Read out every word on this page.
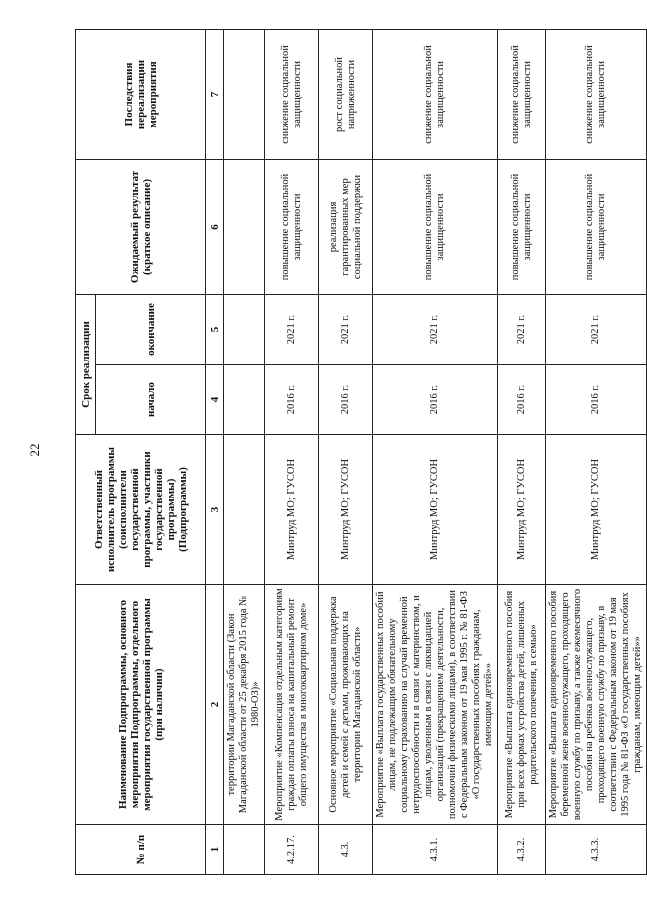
22
№ п/п	Наименование Подпрограммы, основного мероприятия Подпрограммы, отдельного мероприятия государственной программы (при наличии)	Ответственный исполнитель программы (соисполнители государственной программы, участники государственной программы) (Подпрограммы)	Срок реализации		Ожидаемый результат (краткое описание)	Последствия нереализации мероприятия
			начало	окончание		
1	2	3	4	5	6	7
	территории Магаданской области (Закон Магаданской области от 25 декабря 2015 года № 1980-ОЗ)»					
4.2.17.	Мероприятие «Компенсация отдельным категориям граждан оплаты взноса на капитальный ремонт общего имущества в многоквартирном доме»	Минтруд МО; ГУСОН	2016 г.	2021 г.	повышение социальной защищенности	снижение социальной защищенности
4.3.	Основное мероприятие «Социальная поддержка детей и семей с детьми, проживающих на территории Магаданской области»	Минтруд МО; ГУСОН	2016 г.	2021 г.	реализация гарантированных мер социальной поддержки	рост социальной напряженности
4.3.1.	Мероприятие «Выплата государственных пособий лицам, не подлежащим обязательному социальному страхованию на случай временной нетрудоспособности и в связи с материнством, и лицам, уволенным в связи с ликвидацией организаций (прекращением деятельности, полномочий физическими лицами), в соответствии с Федеральным законом от 19 мая 1995 г. № 81-ФЗ «О государственных пособиях гражданам, имеющим детей»»	Минтруд МО; ГУСОН	2016 г.	2021 г.	повышение социальной защищенности	снижение социальной защищенности
4.3.2.	Мероприятие «Выплата единовременного пособия при всех формах устройства детей, лишенных родительского попечения, в семью»	Минтруд МО; ГУСОН	2016 г.	2021 г.	повышение социальной защищенности	снижение социальной защищенности
4.3.3.	Мероприятие «Выплата единовременного пособия беременной жене военнослужащего, проходящего военную службу по призыву, а также ежемесячного пособия на ребенка военнослужащего, проходящего военную службу по призыву, в соответствии с Федеральным законом от 19 мая 1995 года № 81-ФЗ «О государственных пособиях гражданам, имеющим детей»»	Минтруд МО; ГУСОН	2016 г.	2021 г.	повышение социальной защищенности	снижение социальной защищенности
